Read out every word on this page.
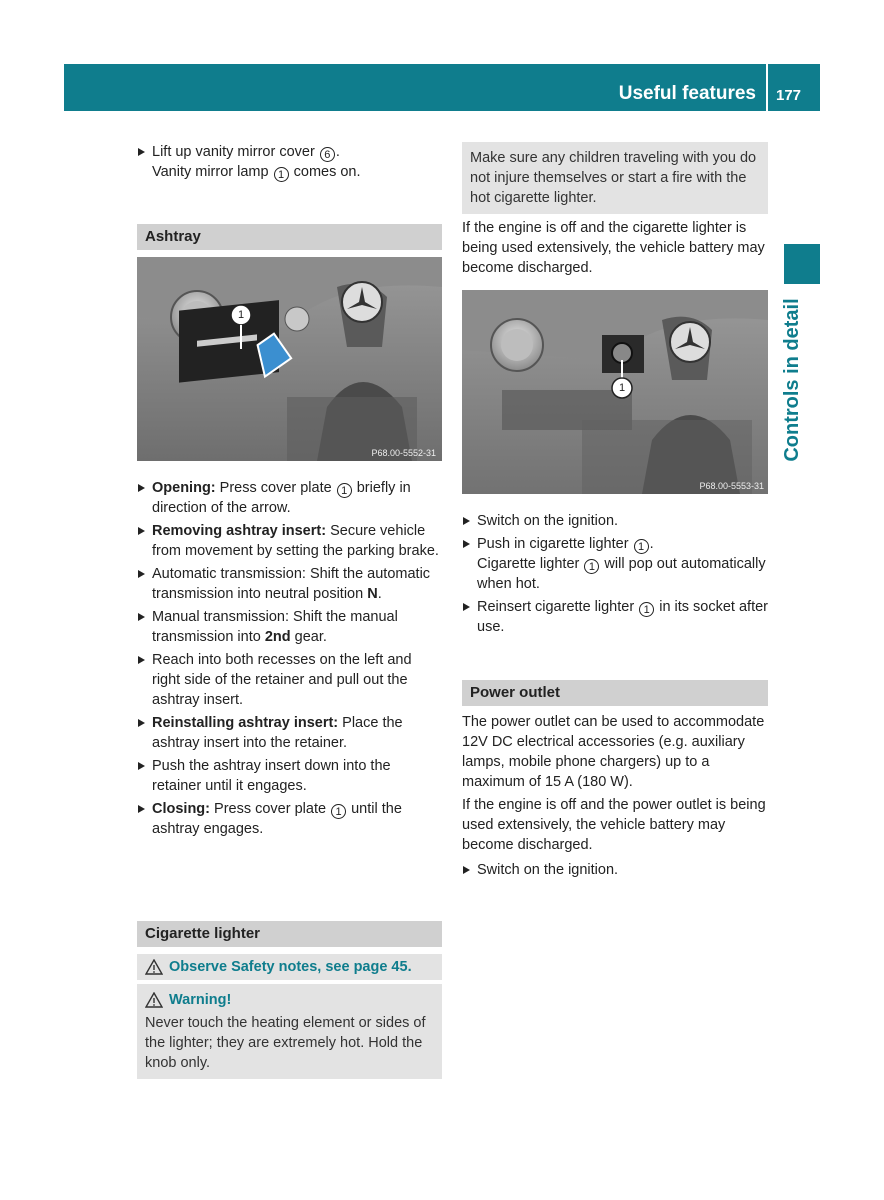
Useful features 177
Controls in detail
Lift up vanity mirror cover 6 .
Vanity mirror lamp 1 comes on.
Ashtray
1
P68.00-5552-31
Opening: Press cover plate 1 briefly in direction of the arrow.
Removing ashtray insert: Secure vehicle from movement by setting the parking brake.
Automatic transmission: Shift the automatic transmission into neutral position N.
Manual transmission: Shift the manual transmission into 2nd gear.
Reach into both recesses on the left and right side of the retainer and pull out the ashtray insert.
Reinstalling ashtray insert: Place the ashtray insert into the retainer.
Push the ashtray insert down into the retainer until it engages.
Closing: Press cover plate 1 until the ashtray engages.
Cigarette lighter
Observe Safety notes, see page 45.
Warning!

Never touch the heating element or sides of the lighter; they are extremely hot. Hold the knob only.

Make sure any children traveling with you do not injure themselves or start a fire with the hot cigarette lighter.

If the engine is off and the cigarette lighter is being used extensively, the vehicle battery may become discharged.

1
P68.00-5553-31
Switch on the ignition.
Push in cigarette lighter 1 .
Cigarette lighter 1 will pop out automatically when hot.
Reinsert cigarette lighter 1 in its socket after use.
Power outlet

The power outlet can be used to accommodate 12V DC electrical accessories (e.g. auxiliary lamps, mobile phone chargers) up to a maximum of 15 A (180 W).

If the engine is off and the power outlet is being used extensively, the vehicle battery may become discharged.

Switch on the ignition.
